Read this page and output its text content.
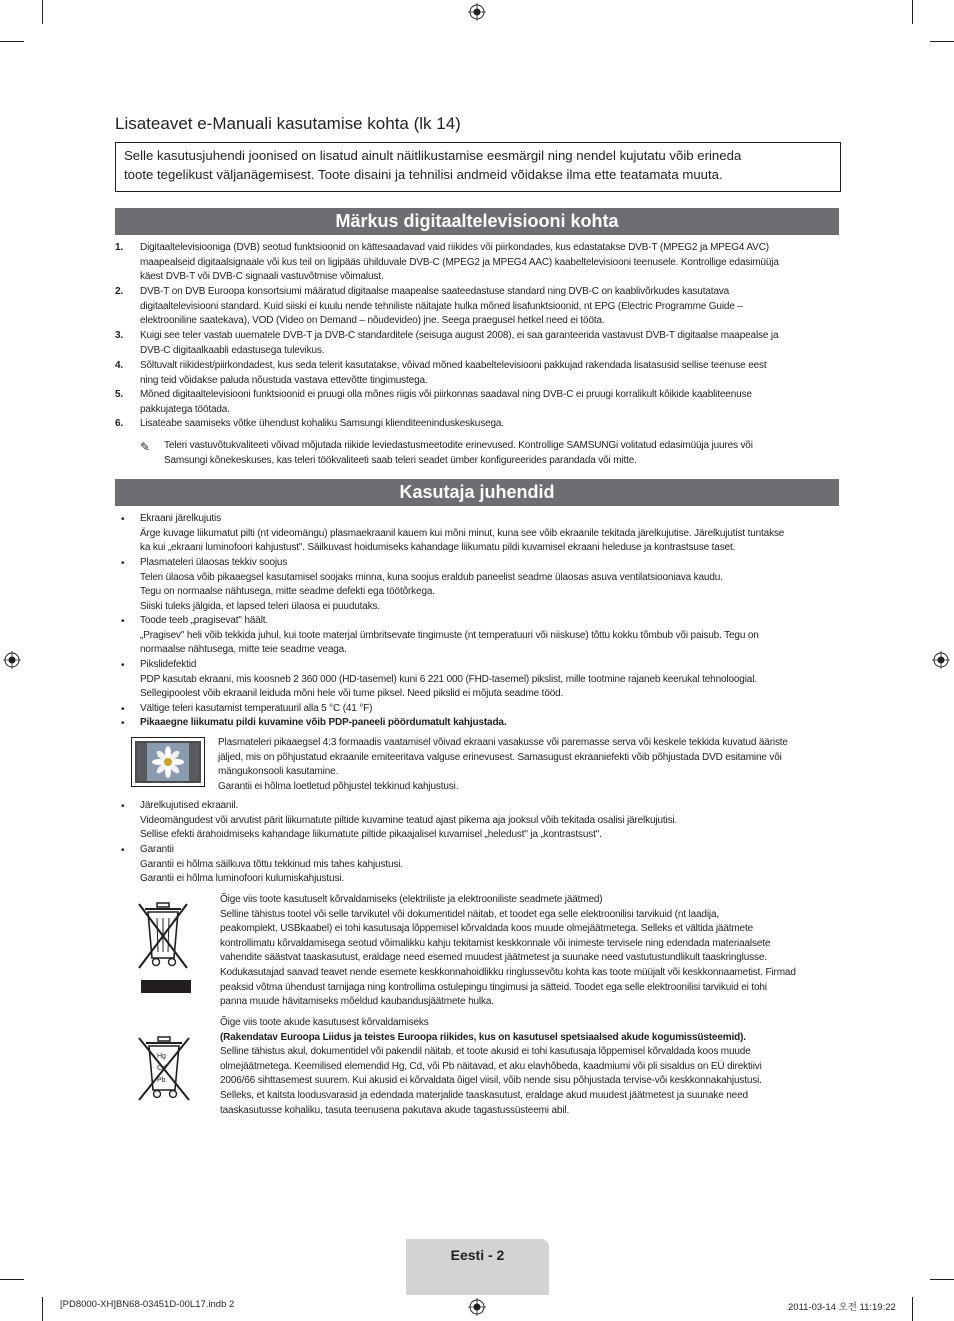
Lisateavet e-Manuali kasutamise kohta (lk 14)
Selle kasutusjuhendi joonised on lisatud ainult näitlikustamise eesmärgil ning nendel kujutatu võib erineda
toote tegelikust väljanägemisest. Toote disaini ja tehnilisi andmeid võidakse ilma ette teatamata muuta.
Märkus digitaaltelevisiooni kohta
1. Digitaaltelevisiooniga (DVB) seotud funktsioonid on kättesaadavad vaid riikides või piirkondades, kus edastatakse DVB-T (MPEG2 ja MPEG4 AVC)
maapealseid digitaalsignaale või kus teil on ligipääs ühilduvale DVB-C (MPEG2 ja MPEG4 AAC) kaabeltelevisiooni teenusele. Kontrollige edasimüüja
käest DVB-T või DVB-C signaali vastuvõtmise võimalust.
2. DVB-T on DVB Euroopa konsortsiumi määratud digitaalse maapealse saateedastuse standard ning DVB-C on kaablivõrkudes kasutatava
digitaaltelevisiooni standard. Kuid siiski ei kuulu nende tehniliste näitajate hulka mõned lisafunktsioonid, nt EPG (Electric Programme Guide –
elektrooniline saatekava), VOD (Video on Demand – nõudevideo) jne. Seega praegusel hetkel need ei tööta.
3. Kuigi see teler vastab uuematele DVB-T ja DVB-C standarditele (seisuga august 2008), ei saa garanteerida vastavust DVB-T digitaalse maapealse ja
DVB-C digitaalkaabli edastusega tulevikus.
4. Sõltuvalt riikidest/piirkondadest, kus seda telerit kasutatakse, võivad mõned kaabeltelevisiooni pakkujad rakendada lisatasusid sellise teenuse eest
ning teid võidakse paluda nõustuda vastava ettevõtte tingimustega.
5. Mõned digitaaltelevisiooni funktsioonid ei pruugi olla mõnes riigis või piirkonnas saadaval ning DVB-C ei pruugi korralikult kõikide kaabliteenuse
pakkujatega töötada.
6. Lisateabe saamiseks võtke ühendust kohaliku Samsungi klienditeeninduskeskusega.
✎ Teleri vastuvõtukvaliteeti võivad mõjutada riikide leviedastusmeetodite erinevused. Kontrollige SAMSUNGi volitatud edasimüüja juures või
Samsungi kõnekeskuses, kas teleri töökvaliteeti saab teleri seadet ümber konfigureerides parandada või mitte.
Kasutaja juhendid
• Ekraani järelkujutis
Ärge kuvage liikumatut pilti (nt videomängu) plasmaekraanil kauem kui mõni minut, kuna see võib ekraanile tekitada järelkujutise. Järelkujutist tuntakse
ka kui „ekraani luminofoori kahjustust". Säilkuvast hoidumiseks kahandage liikumatu pildi kuvamisel ekraani heleduse ja kontrastsuse taset.
• Plasmateleri ülaosas tekkiv soojus
Teleri ülaosa võib pikaaegsel kasutamisel soojaks minna, kuna soojus eraldub paneelist seadme ülaosas asuva ventilatsiooniava kaudu.
Tegu on normaalse nähtusega, mitte seadme defekti ega töötõrkega.
Siiski tuleks jälgida, et lapsed teleri ülaosa ei puudutaks.
• Toode teeb „pragisevat" häält.
„Pragisev" heli võib tekkida juhul, kui toote materjal ümbritsevate tingimuste (nt temperatuuri või niiskuse) tõttu kokku tõmbub või paisub. Tegu on
normaalse nähtusega, mitte teie seadme veaga.
• Pikslidefektid
PDP kasutab ekraani, mis koosneb 2 360 000 (HD-tasemel) kuni 6 221 000 (FHD-tasemel) pikslist, mille tootmine rajaneb keerukal tehnoloogial.
Sellegipoolest võib ekraanil leiduda mõni hele või tume piksel. Need pikslid ei mõjuta seadme tööd.
• Vältige teleri kasutamist temperatuuril alla 5 °C (41 °F)
• Pikaaegne liikumatu pildi kuvamine võib PDP-paneeli pöördumatult kahjustada.
Plasmateleri pikaaegsel 4:3 formaadis vaatamisel võivad ekraani vasakusse või paremasse serva või keskele tekkida kuvatud ääriste
jäljed, mis on põhjustatud ekraanile emiteeritava valguse erinevusest. Samasugust ekraaniefekti võib põhjustada DVD esitamine või
mängukonsooli kasutamine.
Garantii ei hõlma loetletud põhjustel tekkinud kahjustusi.
• Järelkujutised ekraanil.
Videomängudest või arvutist pärit liikumatute piltide kuvamine teatud ajast pikema aja jooksul võib tekitada osalisi järelkujutisi.
Sellise efekti ärahoidmiseks kahandage liikumatute piltide pikaajalisel kuvamisel „heledust" ja „kontrastsust".
• Garantii
Garantii ei hõlma säilkuva tõttu tekkinud mis tahes kahjustusi.
Garantii ei hõlma luminofoori kulumiskahjustusi.
Õige viis toote kasutuselt kõrvaldamiseks (elektriliste ja elektrooniliste seadmete jäätmed)
Selline tähistus tootel või selle tarvikutel või dokumentidel näitab, et toodet ega selle elektroonilisi tarvikuid (nt laadija,
peakomplekt, USBkaabel) ei tohi kasutusaja lõppemisel kõrvaldada koos muude olmejäätmetega. Selleks et vältida jäätmete
kontrollimatu kõrvaldamisega seotud võimalikku kahju tekitamist keskkonnale või inimeste tervisele ning edendada materiaalsete
vahendite säästvat taaskasutust, eraldage need esemed muudest jäätmetest ja suunake need vastutustundlikult taaskringlusse.
Kodukasutajad saavad teavet nende esemete keskkonnahoidlikku ringlussevõtu kohta kas toote müüjalt või keskkonnaametist. Firmad
peaksid võtma ühendust tarnijaga ning kontrollima ostulepingu tingimusi ja sätteid. Toodet ega selle elektroonilisi tarvikuid ei tohi
panna muude hävitamiseks mõeldud kaubandusjäätmete hulka.
Õige viis toote akude kasutusest kõrvaldamiseks
(Rakendatav Euroopa Liidus ja teistes Euroopa riikides, kus on kasutusel spetsiaalsed akude kogumissüsteemid).
Selline tähistus akul, dokumentidel või pakendil näitab, et toote akusid ei tohi kasutusaja lõppemisel kõrvaldada koos muude
olmejäätmetega. Keemilised elemendid Hg, Cd, või Pb näitavad, et aku elavhõbeda, kaadmiumi või pli sisaldus on EÜ direktiivi
2006/66 sihttasemest suurem. Kui akusid ei kõrvaldata õigel viisil, võib nende sisu põhjustada tervise-või keskkonnakahjustusi.
Selleks, et kaitsta loodusvarasid ja edendada materjalide taaskasutust, eraldage akud muudest jäätmetest ja suunake need
taaskasutusse kohaliku, tasuta teenusena pakutava akude tagastussüsteemi abil.
Hg
Cd
Pb
Eesti - 2
[PD8000-XH]BN68-03451D-00L17.indb 2	2011-03-14 오전 11:19:22
